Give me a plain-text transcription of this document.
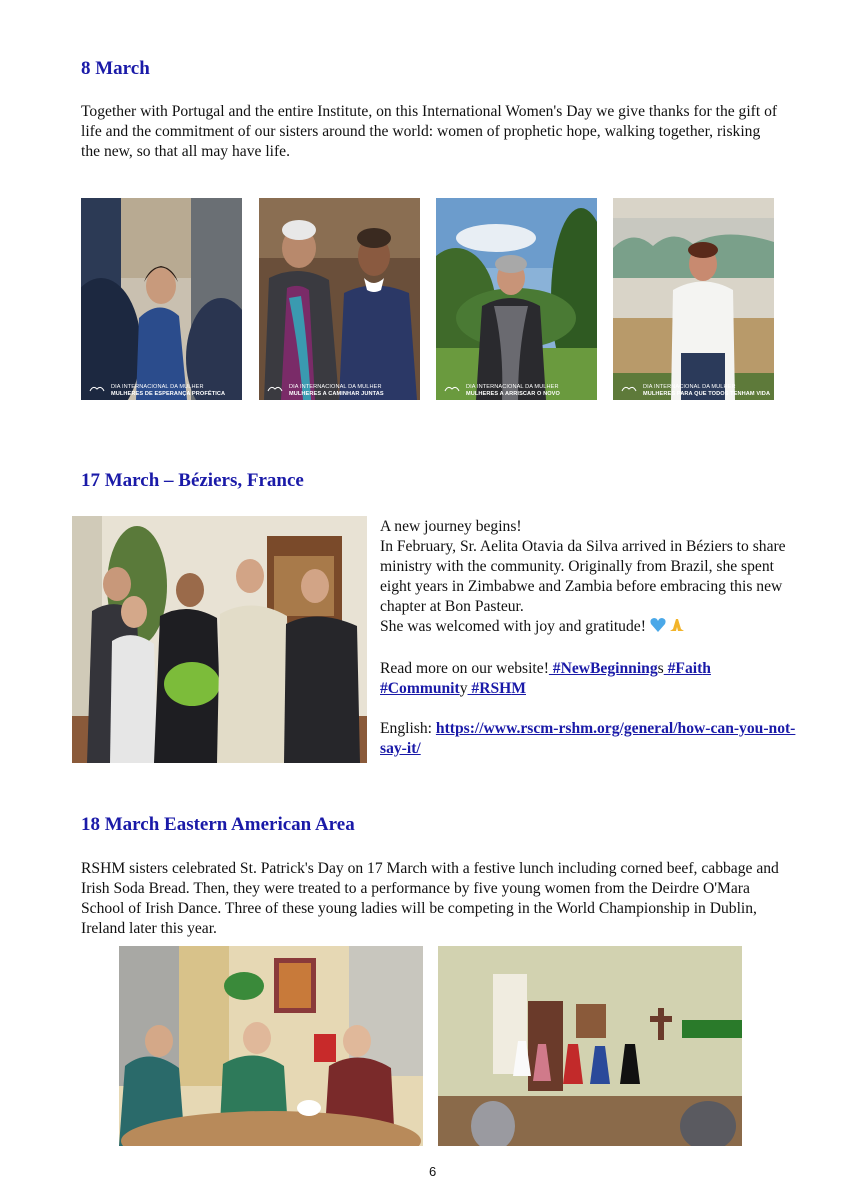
8 March

Together with Portugal and the entire Institute, on this International Women's Day we give thanks for the gift of life and the commitment of our sisters around the world: women of prophetic hope, walking together, risking the new, so that all may have life.

DIA INTERNACIONAL DA MULHER
MULHERES DE ESPERANÇA PROFÉTICA
DIA INTERNACIONAL DA MULHER
MULHERES A CAMINHAR JUNTAS
DIA INTERNACIONAL DA MULHER
MULHERES A ARRISCAR O NOVO
DIA INTERNACIONAL DA MULHER
MULHERES PARA QUE TODOS TENHAM VIDA
17 March – Béziers, France
A new journey begins!
In February, Sr. Aelita Otavia da Silva arrived in Béziers to share ministry with the community. Originally from Brazil, she spent eight years in Zimbabwe and Zambia before embracing this new chapter at Bon Pasteur.
She was welcomed with joy and gratitude!
Read more on our website! #NewBeginnings #Faith
#Community #RSHM
English: https://www.rscm-rshm.org/general/how-can-you-not-say-it/
18 March Eastern American Area

RSHM sisters celebrated St. Patrick's Day on 17 March with a festive lunch including corned beef, cabbage and Irish Soda Bread. Then, they were treated to a performance by five young women from the Deirdre O'Mara School of Irish Dance. Three of these young ladies will be competing in the World Championship in Dublin, Ireland later this year.

6
